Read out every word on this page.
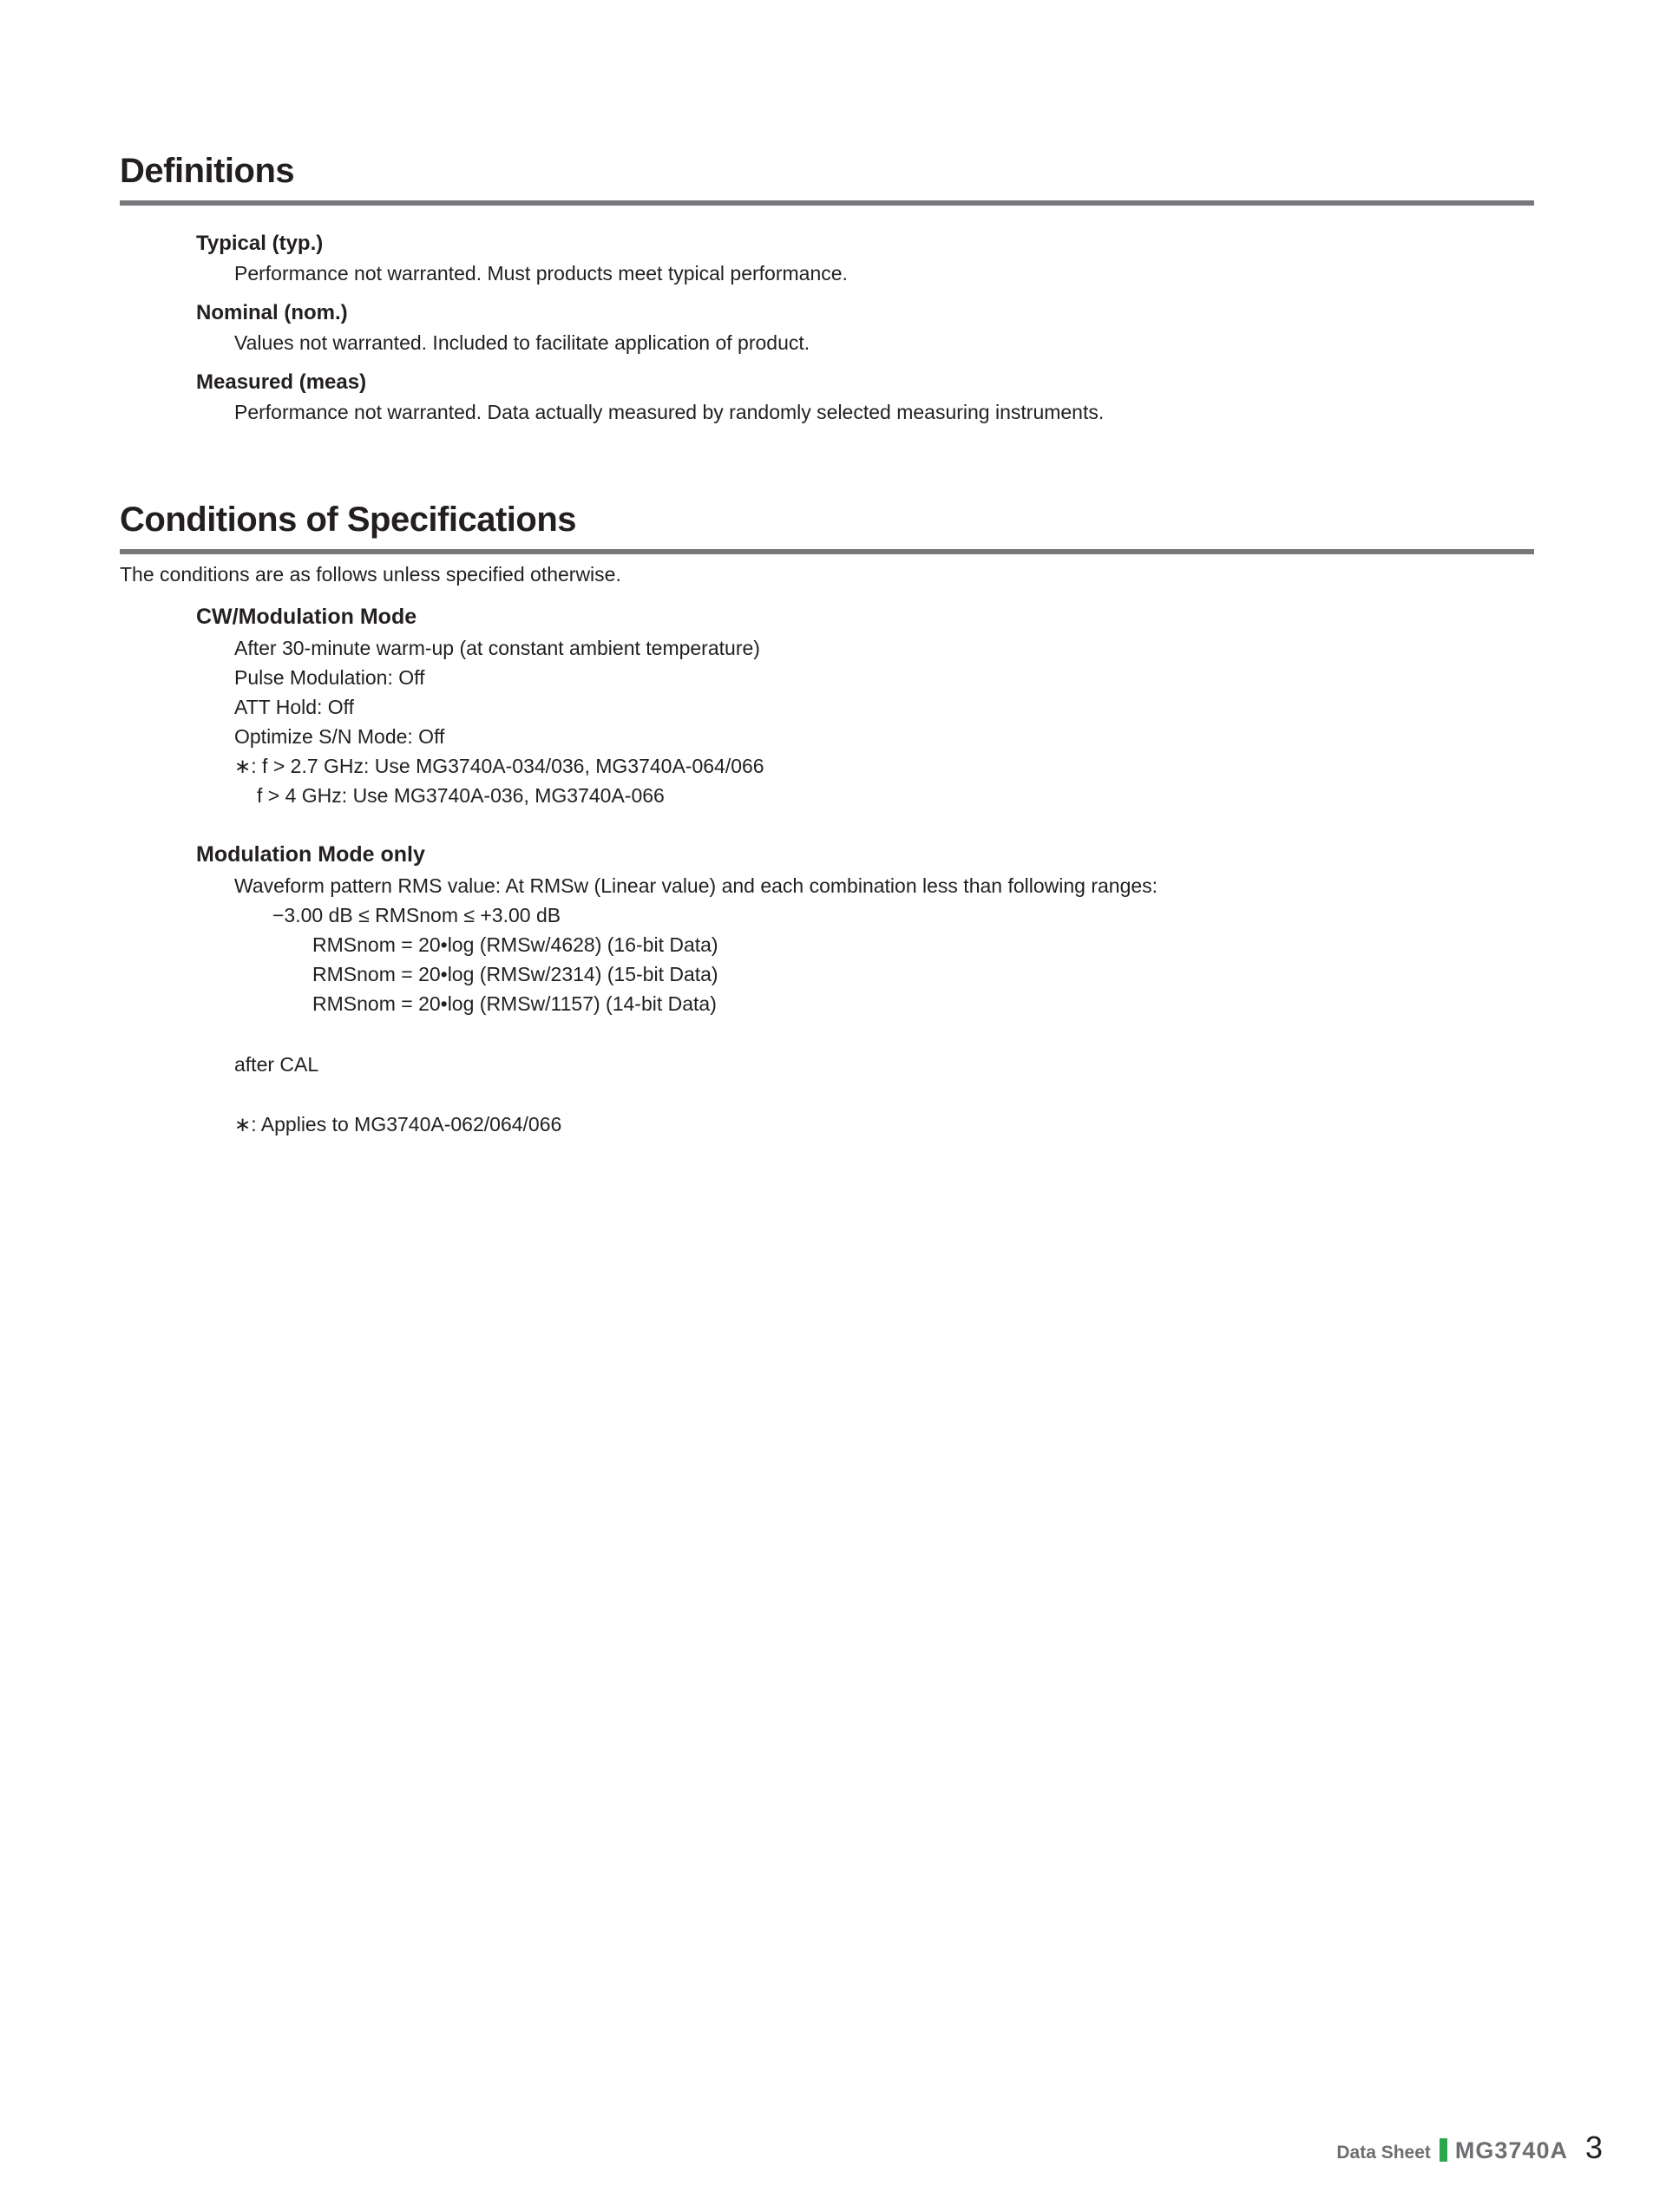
Definitions
Typical (typ.)
Performance not warranted. Must products meet typical performance.
Nominal (nom.)
Values not warranted. Included to facilitate application of product.
Measured (meas)
Performance not warranted. Data actually measured by randomly selected measuring instruments.
Conditions of Specifications
The conditions are as follows unless specified otherwise.
CW/Modulation Mode
After 30-minute warm-up (at constant ambient temperature)
Pulse Modulation: Off
ATT Hold: Off
Optimize S/N Mode: Off
∗: f > 2.7 GHz: Use MG3740A-034/036, MG3740A-064/066
f > 4 GHz: Use MG3740A-036, MG3740A-066
Modulation Mode only
Waveform pattern RMS value: At RMSw (Linear value) and each combination less than following ranges:
−3.00 dB ≤ RMSnom ≤ +3.00 dB
RMSnom = 20•log (RMSw/4628) (16-bit Data)
RMSnom = 20•log (RMSw/2314) (15-bit Data)
RMSnom = 20•log (RMSw/1157) (14-bit Data)
after CAL
∗: Applies to MG3740A-062/064/066
Data Sheet MG3740A 3
